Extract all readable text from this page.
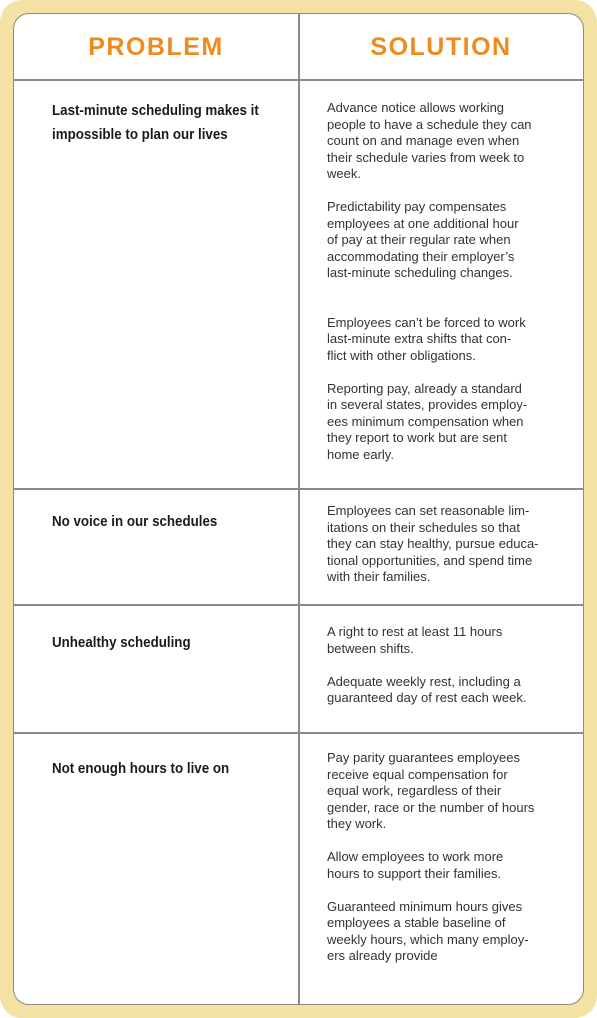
PROBLEM	SOLUTION
Last-minute scheduling makes it
impossible to plan our lives
Advance notice allows working
people to have a schedule they can
count on and manage even when
their schedule varies from week to
week.
Predictability pay compensates
employees at one additional hour
of pay at their regular rate when
accommodating their employer’s
last-minute scheduling changes.
Employees can’t be forced to work
last-minute extra shifts that con-
flict with other obligations.
Reporting pay, already a standard
in several states, provides employ-
ees minimum compensation when
they report to work but are sent
home early.
No voice in our schedules
Employees can set reasonable lim-
itations on their schedules so that
they can stay healthy, pursue educa-
tional opportunities, and spend time
with their families.
Unhealthy scheduling
A right to rest at least 11 hours
between shifts.
Adequate weekly rest, including a
guaranteed day of rest each week.
Not enough hours to live on
Pay parity guarantees employees
receive equal compensation for
equal work, regardless of their
gender, race or the number of hours
they work.
Allow employees to work more
hours to support their families.
Guaranteed minimum hours gives
employees a stable baseline of
weekly hours, which many employ-
ers already provide
